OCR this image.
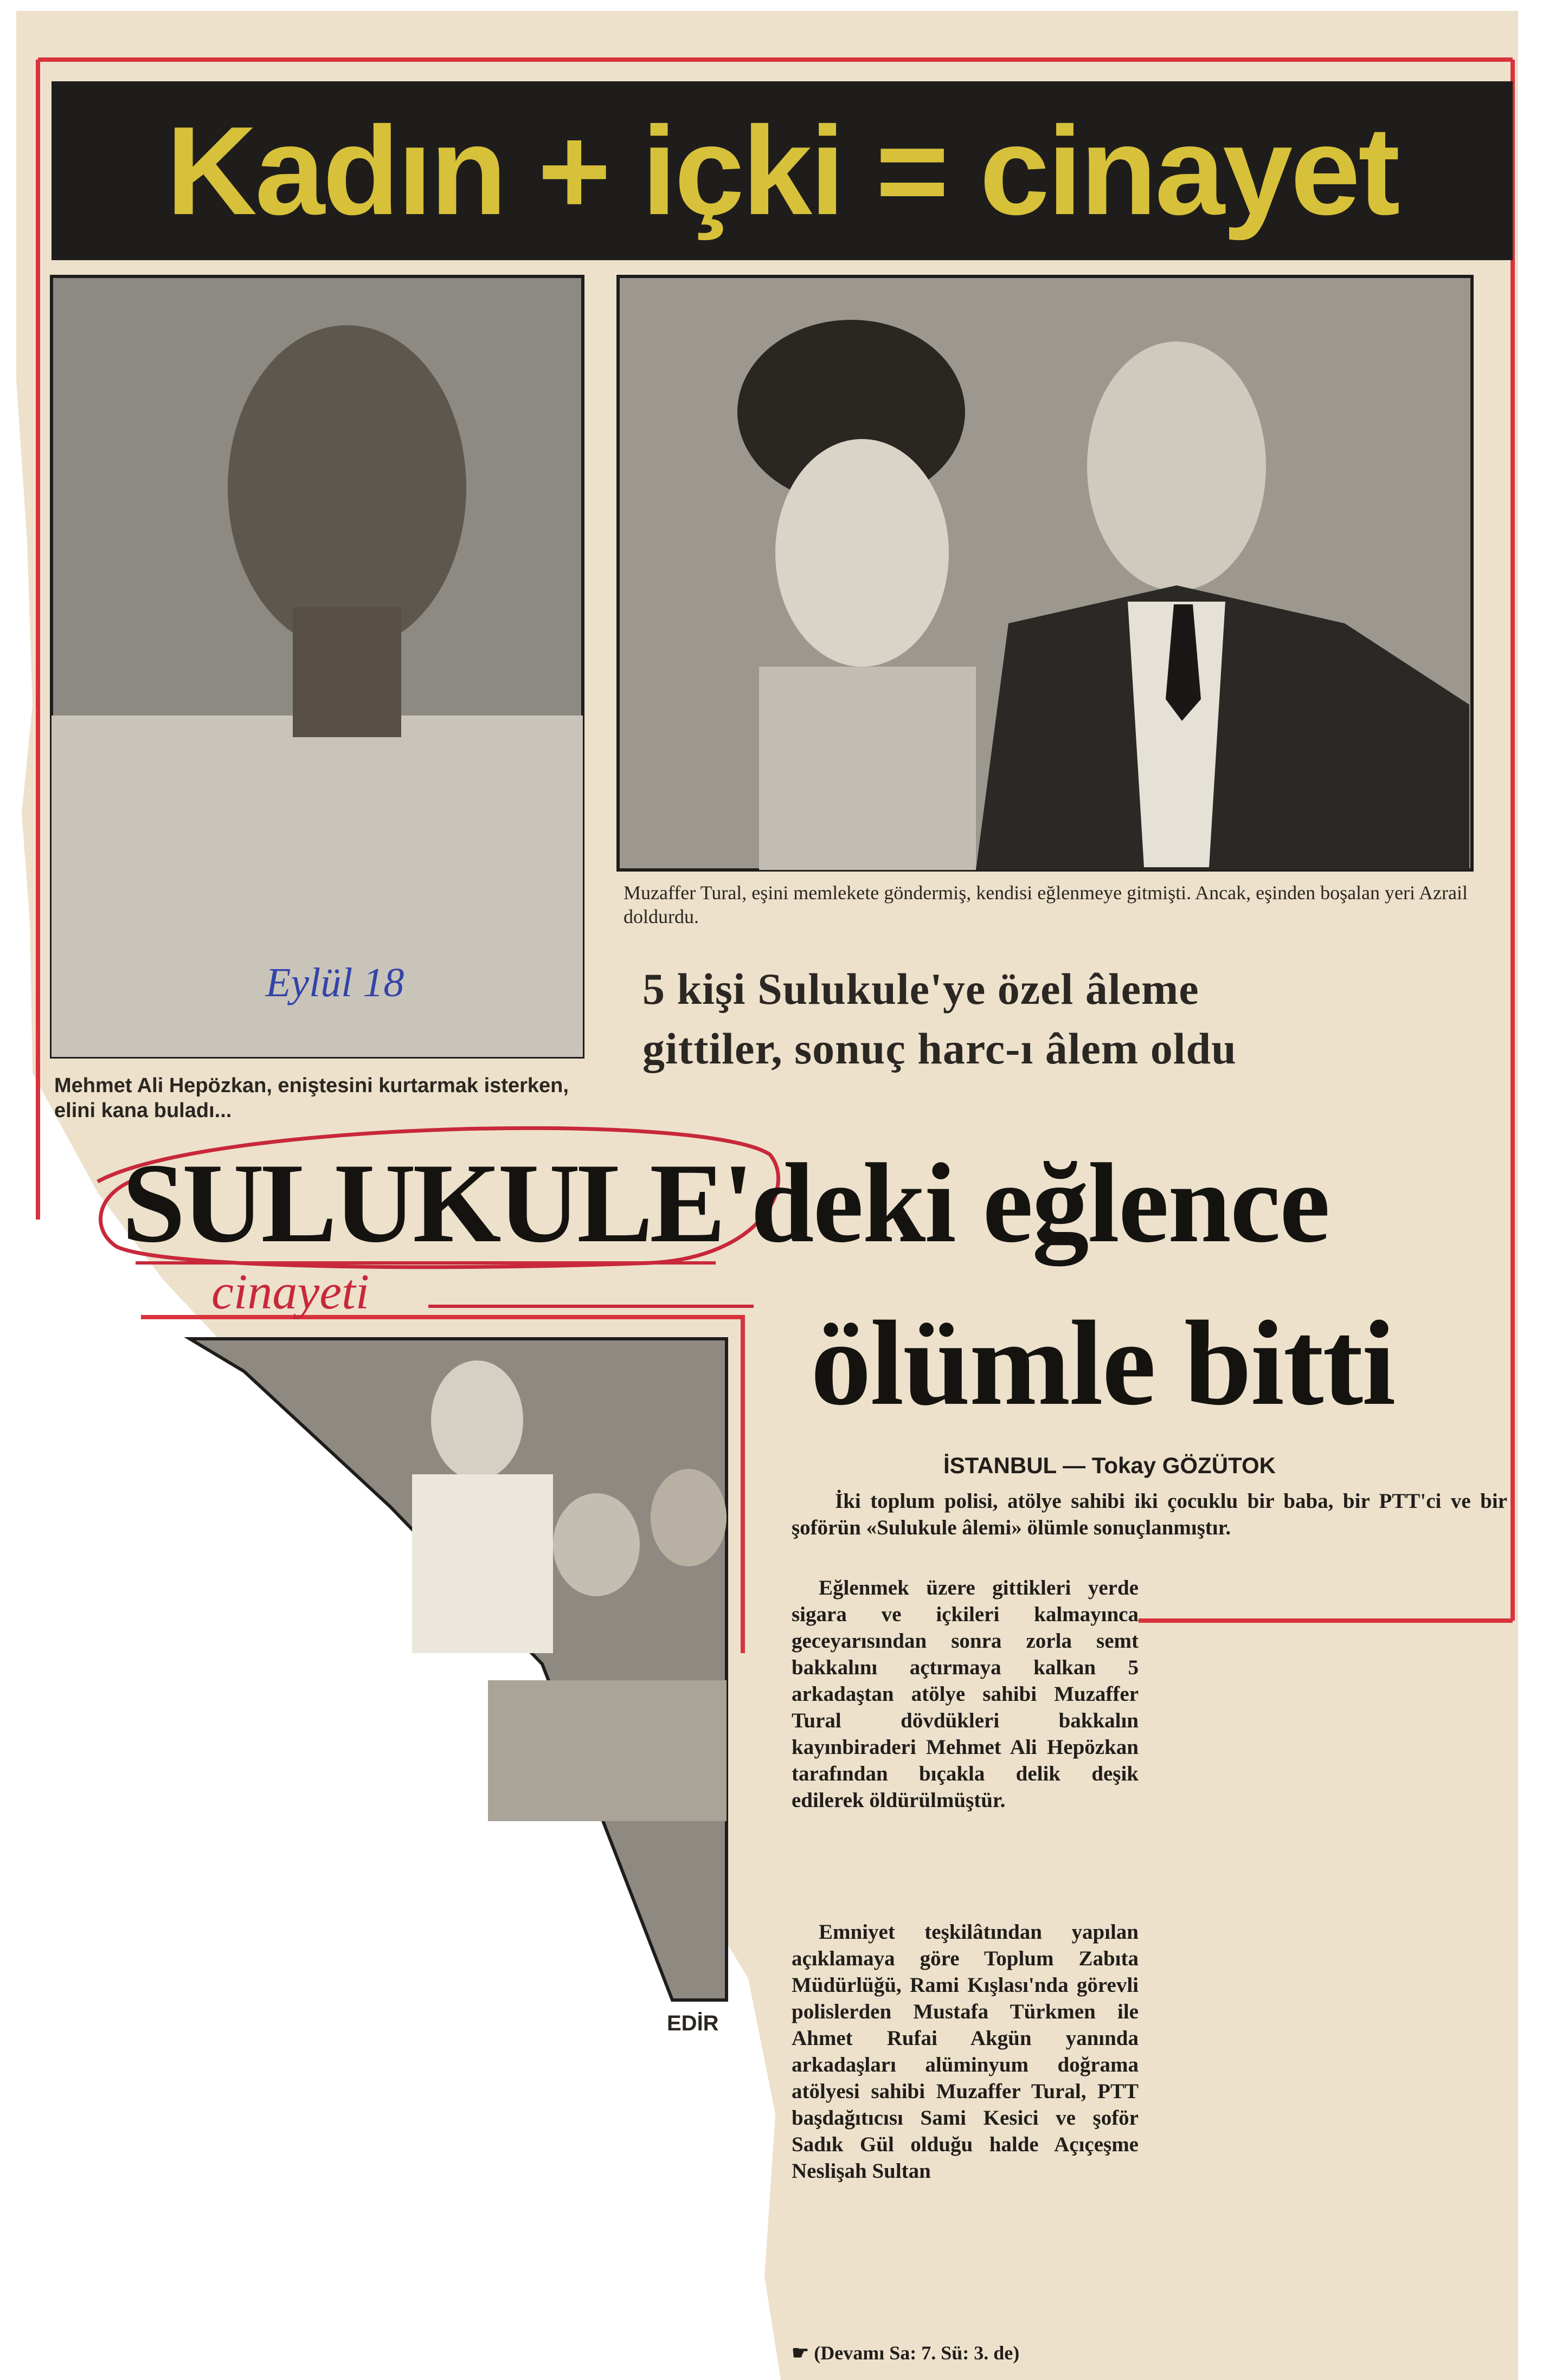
Kadın + içki = cinayet
Mehmet Ali Hepözkan, eniştesini kurtarmak isterken, elini kana buladı...
Eylül 18
Muzaffer Tural, eşini memlekete göndermiş, kendisi eğlenmeye gitmişti. Ancak, eşinden boşalan yeri Azrail doldurdu.
5 kişi Sulukule'ye özel âleme
gittiler, sonuç harc-ı âlem oldu
SULUKULE'deki eğlence
ölümle bitti
cinayeti
EDİR
İSTANBUL — Tokay GÖZÜTOK
İki toplum polisi, atölye sahibi iki çocuklu bir baba, bir PTT'ci ve bir şoförün «Sulukule âlemi» ölümle sonuçlanmıştır.
Eğlenmek üzere gittikleri yerde sigara ve içkileri kalmayınca geceyarısından sonra zorla semt bakkalını açtırmaya kalkan 5 arkadaştan atölye sahibi Muzaffer Tural dövdükleri bakkalın kayınbiraderi Mehmet Ali Hepözkan tarafından bıçakla delik deşik edilerek öldürülmüştür.
Emniyet teşkilâtından yapılan açıklamaya göre Toplum Zabıta Müdürlüğü, Rami Kışlası'nda görevli polislerden Mustafa Türkmen ile Ahmet Rufai Akgün yanında arkadaşları alüminyum doğrama atölyesi sahibi Muzaffer Tural, PTT başdağıtıcısı Sami Kesici ve şoför Sadık Gül olduğu halde Açıçeşme Neslişah Sultan
☛ (Devamı Sa: 7. Sü: 3. de)
